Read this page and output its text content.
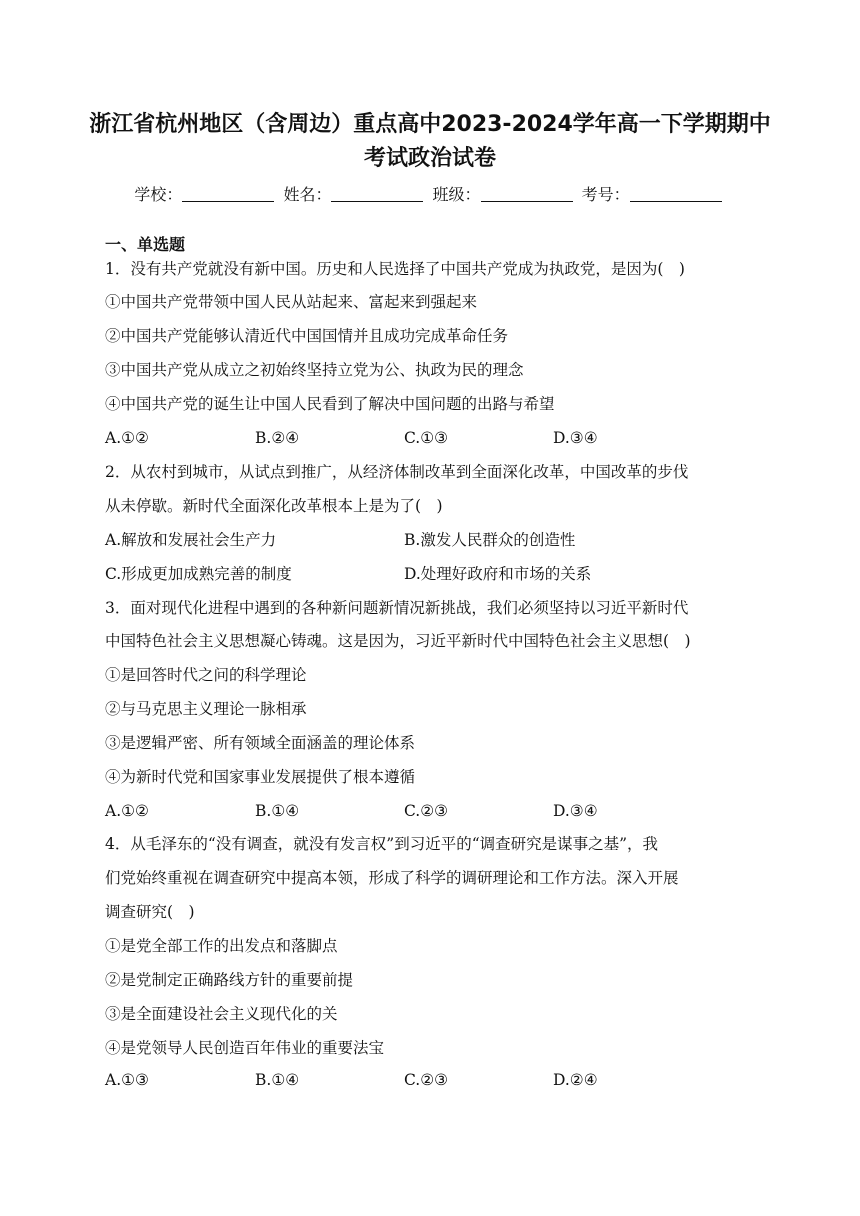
浙江省杭州地区（含周边）重点高中2023-2024学年高一下学期期中
考试政治试卷
学校：	姓名：	班级：	考号：
一、单选题
1．没有共产党就没有新中国。历史和人民选择了中国共产党成为执政党，是因为(　)
①中国共产党带领中国人民从站起来、富起来到强起来
②中国共产党能够认清近代中国国情并且成功完成革命任务
③中国共产党从成立之初始终坚持立党为公、执政为民的理念
④中国共产党的诞生让中国人民看到了解决中国问题的出路与希望
A.①②	B.②④	C.①③	D.③④
2．从农村到城市，从试点到推广，从经济体制改革到全面深化改革，中国改革的步伐
从未停歇。新时代全面深化改革根本上是为了(　)
A.解放和发展社会生产力	B.激发人民群众的创造性
C.形成更加成熟完善的制度	D.处理好政府和市场的关系
3．面对现代化进程中遇到的各种新问题新情况新挑战，我们必须坚持以习近平新时代
中国特色社会主义思想凝心铸魂。这是因为，习近平新时代中国特色社会主义思想(　)
①是回答时代之问的科学理论
②与马克思主义理论一脉相承
③是逻辑严密、所有领域全面涵盖的理论体系
④为新时代党和国家事业发展提供了根本遵循
A.①②	B.①④	C.②③	D.③④
4．从毛泽东的“没有调查，就没有发言权”到习近平的“调查研究是谋事之基”，我
们党始终重视在调查研究中提高本领，形成了科学的调研理论和工作方法。深入开展
调查研究(　)
①是党全部工作的出发点和落脚点
②是党制定正确路线方针的重要前提
③是全面建设社会主义现代化的关
④是党领导人民创造百年伟业的重要法宝
A.①③	B.①④	C.②③	D.②④
